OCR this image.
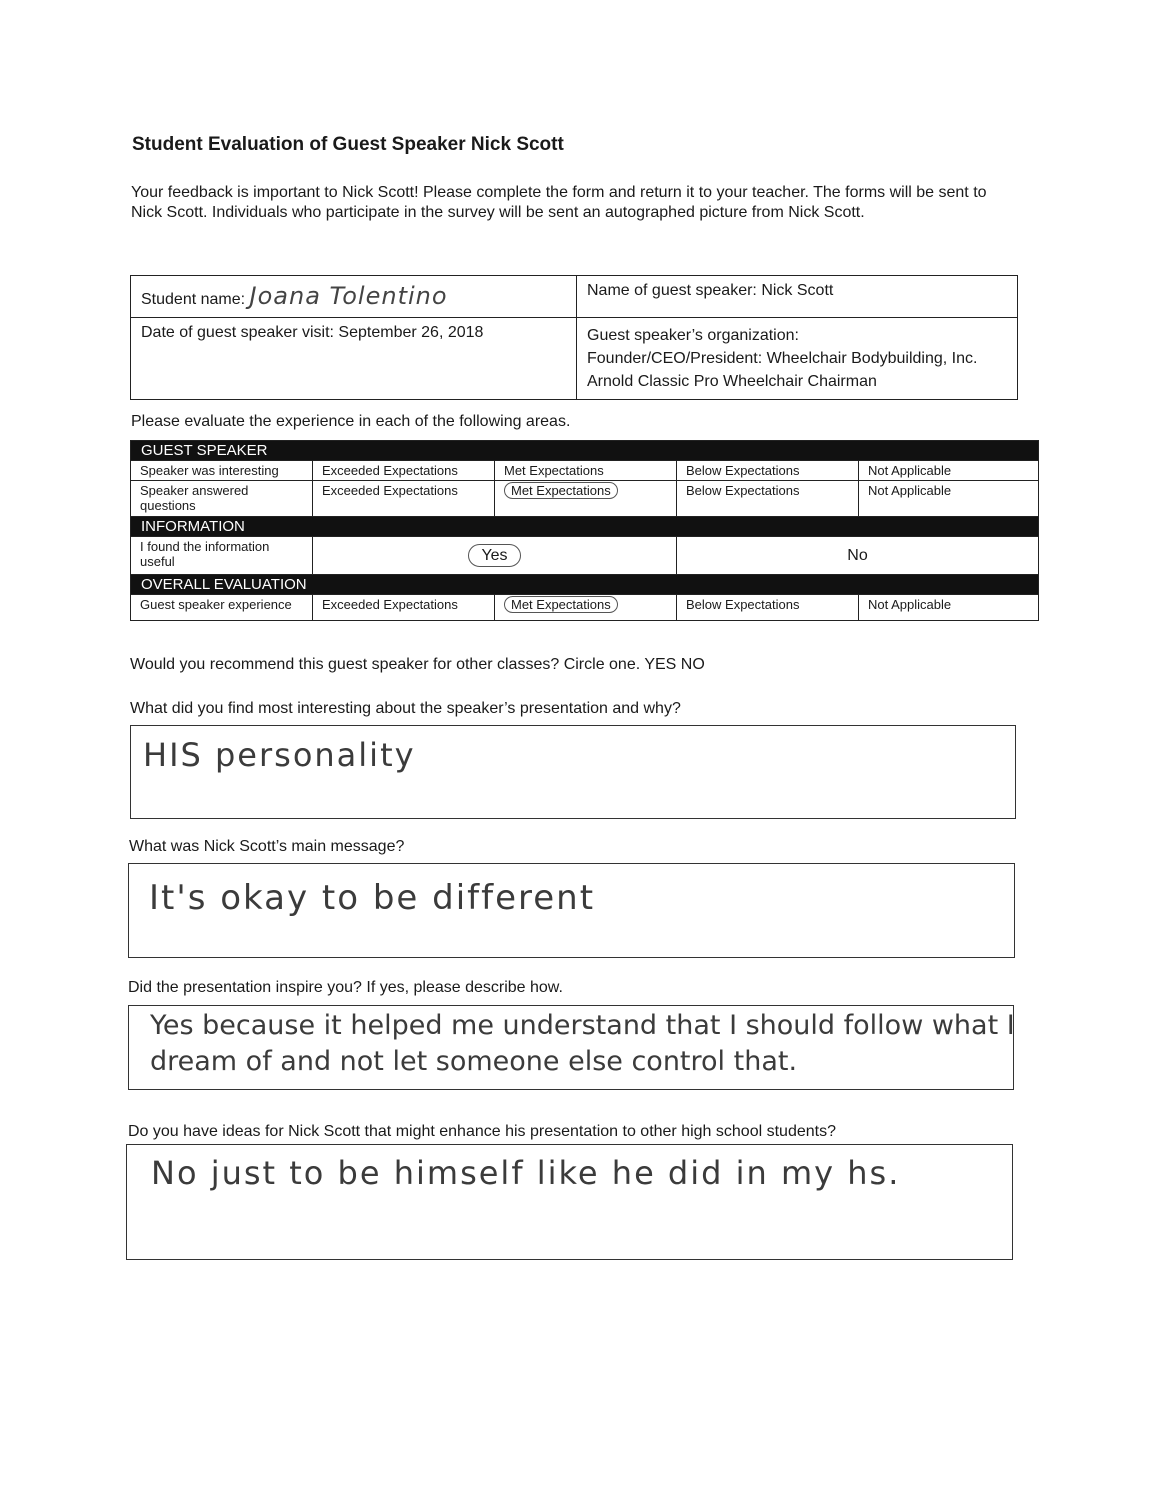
Student Evaluation of Guest Speaker Nick Scott
Your feedback is important to Nick Scott! Please complete the form and return it to your teacher. The forms will be sent to Nick Scott. Individuals who participate in the survey will be sent an autographed picture from Nick Scott.
Student name: Joana Tolentino	Name of guest speaker: Nick Scott
Date of guest speaker visit: September 26, 2018	Guest speaker’s organization:
Founder/CEO/President: Wheelchair Bodybuilding, Inc.
Arnold Classic Pro Wheelchair Chairman
Please evaluate the experience in each of the following areas.
GUEST SPEAKER				
Speaker was interesting	Exceeded Expectations	Met Expectations	Below Expectations	Not Applicable
Speaker answered questions	Exceeded Expectations	Met Expectations	Below Expectations	Not Applicable
INFORMATION				
I found the information useful	Yes		No	
OVERALL EVALUATION				
Guest speaker experience	Exceeded Expectations	Met Expectations	Below Expectations	Not Applicable
Would you recommend this guest speaker for other classes? Circle one. YES NO
What did you find most interesting about the speaker’s presentation and why?
HIS personality
What was Nick Scott’s main message?
It's okay to be different
Did the presentation inspire you? If yes, please describe how.
Yes because it helped me understand that I should follow what I dream of and not let someone else control that.
Do you have ideas for Nick Scott that might enhance his presentation to other high school students?
No just to be himself like he did in my hs.
